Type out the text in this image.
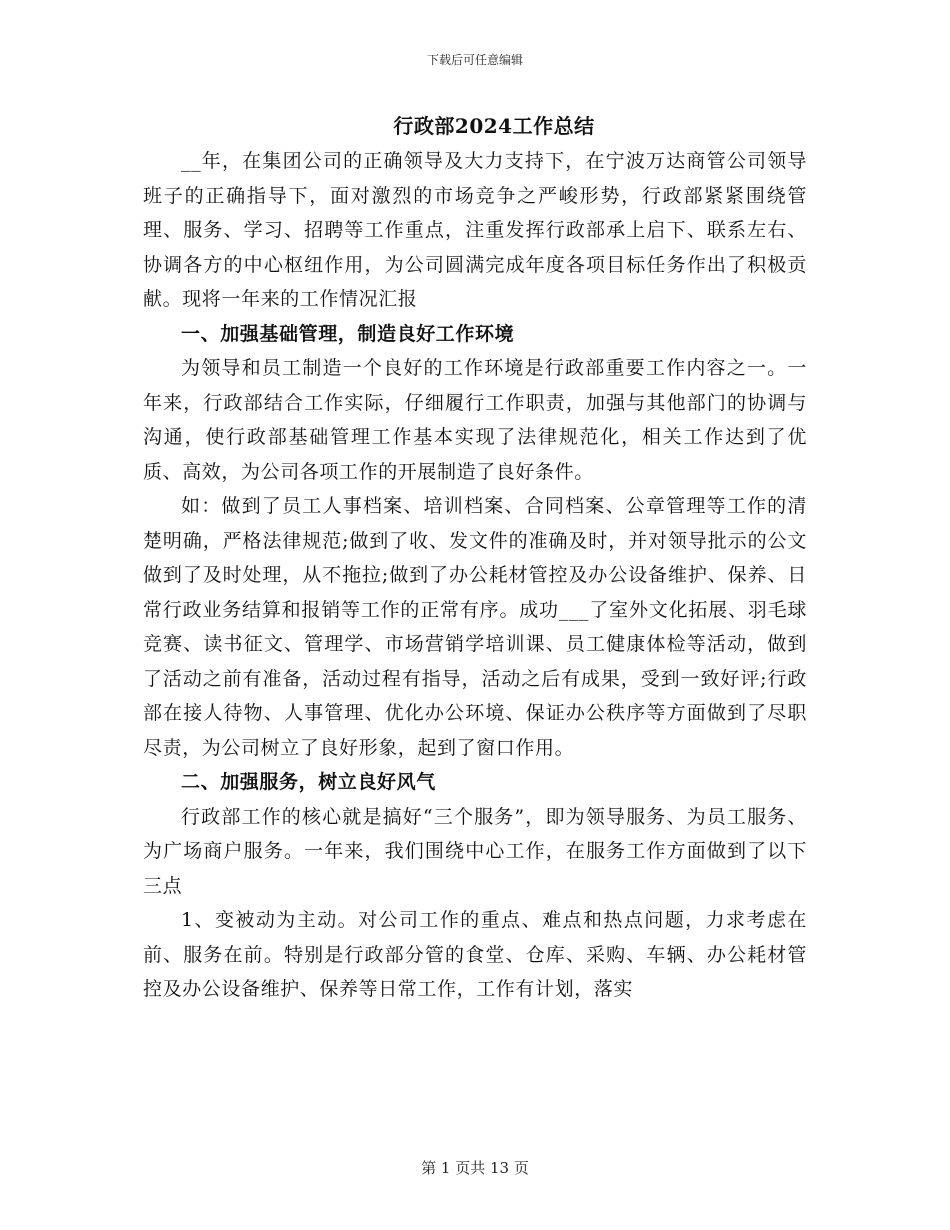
下载后可任意编辑
行政部2024工作总结

__年，在集团公司的正确领导及大力支持下，在宁波万达商管公司领导班子的正确指导下，面对激烈的市场竞争之严峻形势，行政部紧紧围绕管理、服务、学习、招聘等工作重点，注重发挥行政部承上启下、联系左右、协调各方的中心枢纽作用，为公司圆满完成年度各项目标任务作出了积极贡献。现将一年来的工作情况汇报

一、加强基础管理，制造良好工作环境

为领导和员工制造一个良好的工作环境是行政部重要工作内容之一。一年来，行政部结合工作实际，仔细履行工作职责，加强与其他部门的协调与沟通，使行政部基础管理工作基本实现了法律规范化，相关工作达到了优质、高效，为公司各项工作的开展制造了良好条件。

如：做到了员工人事档案、培训档案、合同档案、公章管理等工作的清楚明确，严格法律规范;做到了收、发文件的准确及时，并对领导批示的公文做到了及时处理，从不拖拉;做到了办公耗材管控及办公设备维护、保养、日常行政业务结算和报销等工作的正常有序。成功___了室外文化拓展、羽毛球竞赛、读书征文、管理学、市场营销学培训课、员工健康体检等活动，做到了活动之前有准备，活动过程有指导，活动之后有成果，受到一致好评;行政部在接人待物、人事管理、优化办公环境、保证办公秩序等方面做到了尽职尽责，为公司树立了良好形象，起到了窗口作用。

二、加强服务，树立良好风气

行政部工作的核心就是搞好“三个服务”，即为领导服务、为员工服务、为广场商户服务。一年来，我们围绕中心工作，在服务工作方面做到了以下三点

1、变被动为主动。对公司工作的重点、难点和热点问题，力求考虑在前、服务在前。特别是行政部分管的食堂、仓库、采购、车辆、办公耗材管控及办公设备维护、保养等日常工作，工作有计划，落实

第 1 页共 13 页
